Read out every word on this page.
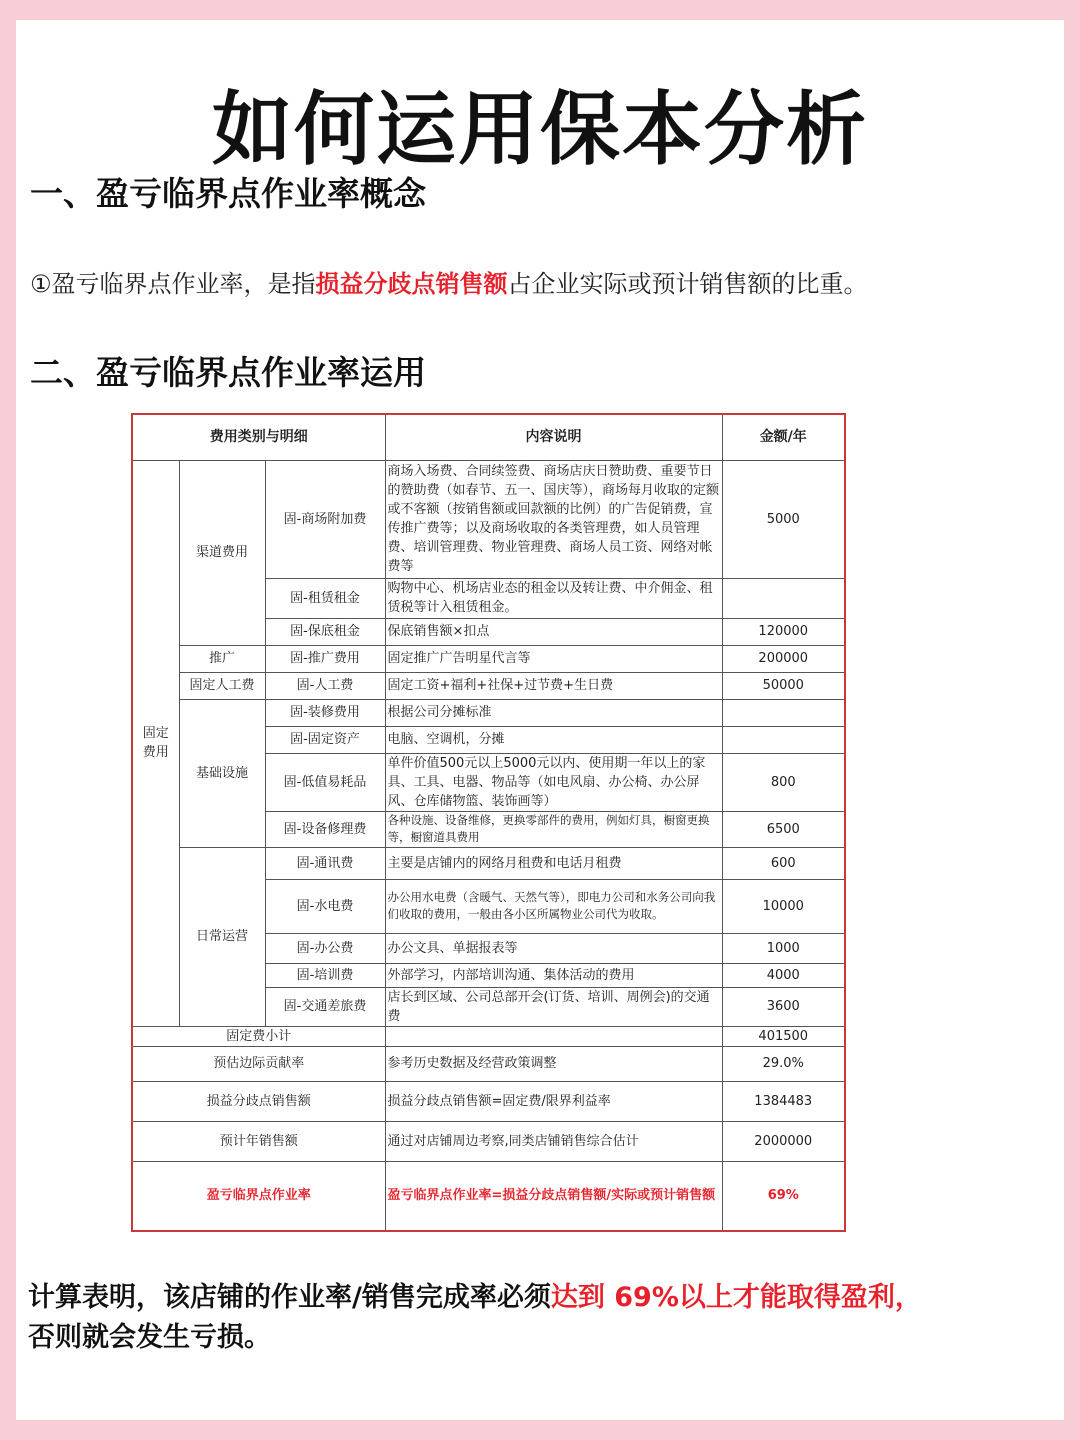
如何运用保本分析
一、盈亏临界点作业率概念
①盈亏临界点作业率，是指损益分歧点销售额占企业实际或预计销售额的比重。
二、盈亏临界点作业率运用
费用类别与明细			内容说明	金额/年
固定
费用	渠道费用	固-商场附加费	商场入场费、合同续签费、商场店庆日赞助费、重要节日的赞助费（如春节、五一、国庆等），商场每月收取的定额或不客额（按销售额或回款额的比例）的广告促销费，宣传推广费等；以及商场收取的各类管理费，如人员管理费、培训管理费、物业管理费、商场人员工资、网络对帐费等	5000
		固-租赁租金	购物中心、机场店业态的租金以及转让费、中介佣金、租赁税等计入租赁租金。	
		固-保底租金	保底销售额×扣点	120000
	推广	固-推广费用	固定推广广告明星代言等	200000
	固定人工费	固-人工费	固定工资+福利+社保+过节费+生日费	50000
	基础设施	固-装修费用	根据公司分摊标准	
		固-固定资产	电脑、空调机，分摊	
		固-低值易耗品	单件价值500元以上5000元以内、使用期一年以上的家具、工具、电器、物品等（如电风扇、办公椅、办公屏风、仓库储物篮、装饰画等）	800
		固-设备修理费	各种设施、设备维修，更换零部件的费用，例如灯具，橱窗更换等，橱窗道具费用	6500
	日常运营	固-通讯费	主要是店铺内的网络月租费和电话月租费	600
		固-水电费	办公用水电费（含暖气、天然气等），即电力公司和水务公司向我们收取的费用，一般由各小区所属物业公司代为收取。	10000
		固-办公费	办公文具、单据报表等	1000
		固-培训费	外部学习，内部培训沟通、集体活动的费用	4000
		固-交通差旅费	店长到区域、公司总部开会(订货、培训、周例会)的交通费	3600
固定费小计				401500
预估边际贡献率			参考历史数据及经营政策调整	29.0%
损益分歧点销售额			损益分歧点销售额=固定费/限界利益率	1384483
预计年销售额			通过对店铺周边考察,同类店铺销售综合估计	2000000
盈亏临界点作业率			盈亏临界点作业率=损益分歧点销售额/实际或预计销售额	69%
计算表明，该店铺的作业率/销售完成率必须达到 69%以上才能取得盈利，
否则就会发生亏损。
